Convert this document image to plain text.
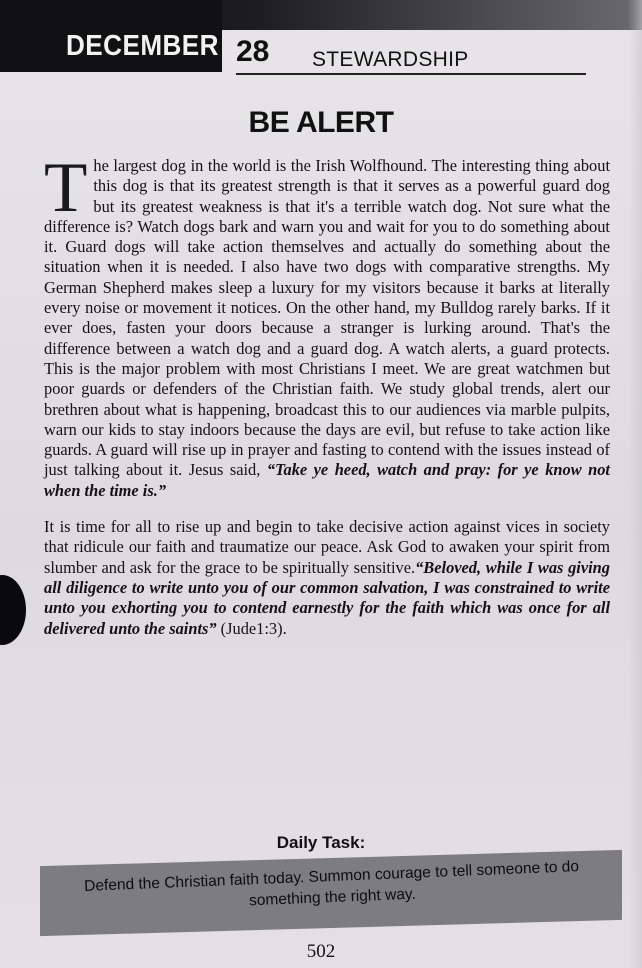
DECEMBER 28 STEWARDSHIP
BE ALERT

The largest dog in the world is the Irish Wolfhound. The interesting thing about this dog is that its greatest strength is that it serves as a powerful guard dog but its greatest weakness is that it's a terrible watch dog. Not sure what the difference is? Watch dogs bark and warn you and wait for you to do something about it. Guard dogs will take action themselves and actually do something about the situation when it is needed. I also have two dogs with comparative strengths. My German Shepherd makes sleep a luxury for my visitors because it barks at literally every noise or movement it notices. On the other hand, my Bulldog rarely barks. If it ever does, fasten your doors because a stranger is lurking around. That's the difference between a watch dog and a guard dog. A watch alerts, a guard protects. This is the major problem with most Christians I meet. We are great watchmen but poor guards or defenders of the Christian faith. We study global trends, alert our brethren about what is happening, broadcast this to our audiences via marble pulpits, warn our kids to stay indoors because the days are evil, but refuse to take action like guards. A guard will rise up in prayer and fasting to contend with the issues instead of just talking about it. Jesus said, “Take ye heed, watch and pray: for ye know not when the time is.”

It is time for all to rise up and begin to take decisive action against vices in society that ridicule our faith and traumatize our peace. Ask God to awaken your spirit from slumber and ask for the grace to be spiritually sensitive.“Beloved, while I was giving all diligence to write unto you of our common salvation, I was constrained to write unto you exhorting you to contend earnestly for the faith which was once for all delivered unto the saints” (Jude1:3).

Daily Task:
Defend the Christian faith today. Summon courage to tell someone to do something the right way.
502
